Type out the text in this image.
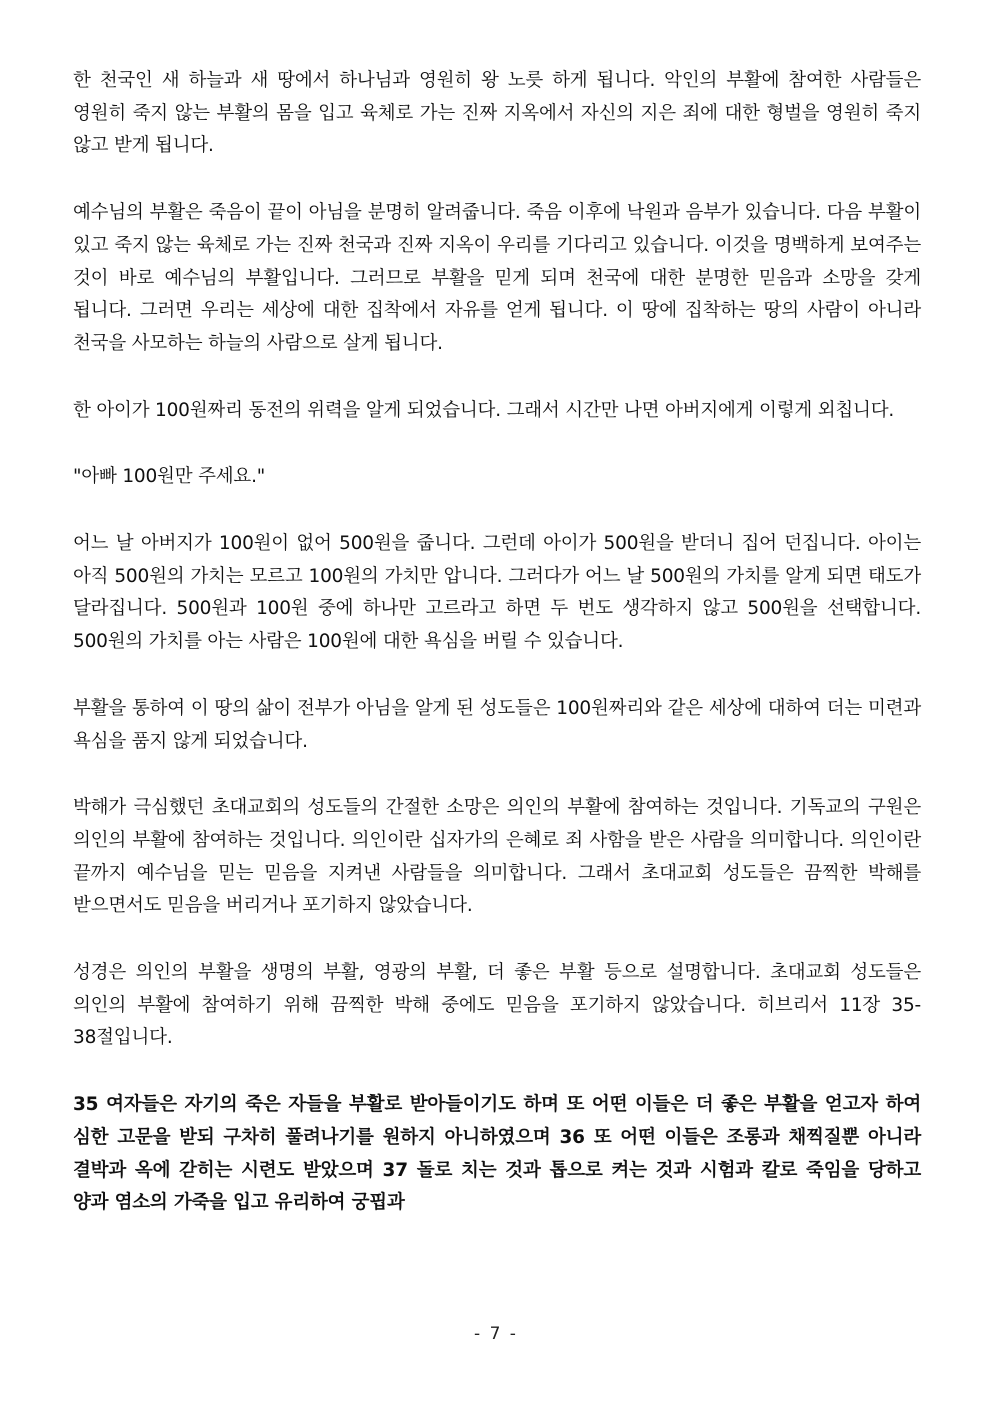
한 천국인 새 하늘과 새 땅에서 하나님과 영원히 왕 노릇 하게 됩니다. 악인의 부활에 참여한 사람들은 영원히 죽지 않는 부활의 몸을 입고 육체로 가는 진짜 지옥에서 자신의 지은 죄에 대한 형벌을 영원히 죽지 않고 받게 됩니다.

예수님의 부활은 죽음이 끝이 아님을 분명히 알려줍니다. 죽음 이후에 낙원과 음부가 있습니다. 다음 부활이 있고 죽지 않는 육체로 가는 진짜 천국과 진짜 지옥이 우리를 기다리고 있습니다. 이것을 명백하게 보여주는 것이 바로 예수님의 부활입니다. 그러므로 부활을 믿게 되며 천국에 대한 분명한 믿음과 소망을 갖게 됩니다. 그러면 우리는 세상에 대한 집착에서 자유를 얻게 됩니다. 이 땅에 집착하는 땅의 사람이 아니라 천국을 사모하는 하늘의 사람으로 살게 됩니다.

한 아이가 100원짜리 동전의 위력을 알게 되었습니다. 그래서 시간만 나면 아버지에게 이렇게 외칩니다.

"아빠 100원만 주세요."

어느 날 아버지가 100원이 없어 500원을 줍니다. 그런데 아이가 500원을 받더니 집어 던집니다. 아이는 아직 500원의 가치는 모르고 100원의 가치만 압니다. 그러다가 어느 날 500원의 가치를 알게 되면 태도가 달라집니다. 500원과 100원 중에 하나만 고르라고 하면 두 번도 생각하지 않고 500원을 선택합니다. 500원의 가치를 아는 사람은 100원에 대한 욕심을 버릴 수 있습니다.

부활을 통하여 이 땅의 삶이 전부가 아님을 알게 된 성도들은 100원짜리와 같은 세상에 대하여 더는 미련과 욕심을 품지 않게 되었습니다.

박해가 극심했던 초대교회의 성도들의 간절한 소망은 의인의 부활에 참여하는 것입니다. 기독교의 구원은 의인의 부활에 참여하는 것입니다. 의인이란 십자가의 은혜로 죄 사함을 받은 사람을 의미합니다. 의인이란 끝까지 예수님을 믿는 믿음을 지켜낸 사람들을 의미합니다. 그래서 초대교회 성도들은 끔찍한 박해를 받으면서도 믿음을 버리거나 포기하지 않았습니다.

성경은 의인의 부활을 생명의 부활, 영광의 부활, 더 좋은 부활 등으로 설명합니다. 초대교회 성도들은 의인의 부활에 참여하기 위해 끔찍한 박해 중에도 믿음을 포기하지 않았습니다. 히브리서 11장 35-38절입니다.

35 여자들은 자기의 죽은 자들을 부활로 받아들이기도 하며 또 어떤 이들은 더 좋은 부활을 얻고자 하여 심한 고문을 받되 구차히 풀려나기를 원하지 아니하였으며 36 또 어떤 이들은 조롱과 채찍질뿐 아니라 결박과 옥에 갇히는 시련도 받았으며 37 돌로 치는 것과 톱으로 켜는 것과 시험과 칼로 죽임을 당하고 양과 염소의 가죽을 입고 유리하여 궁핍과

- 7 -
